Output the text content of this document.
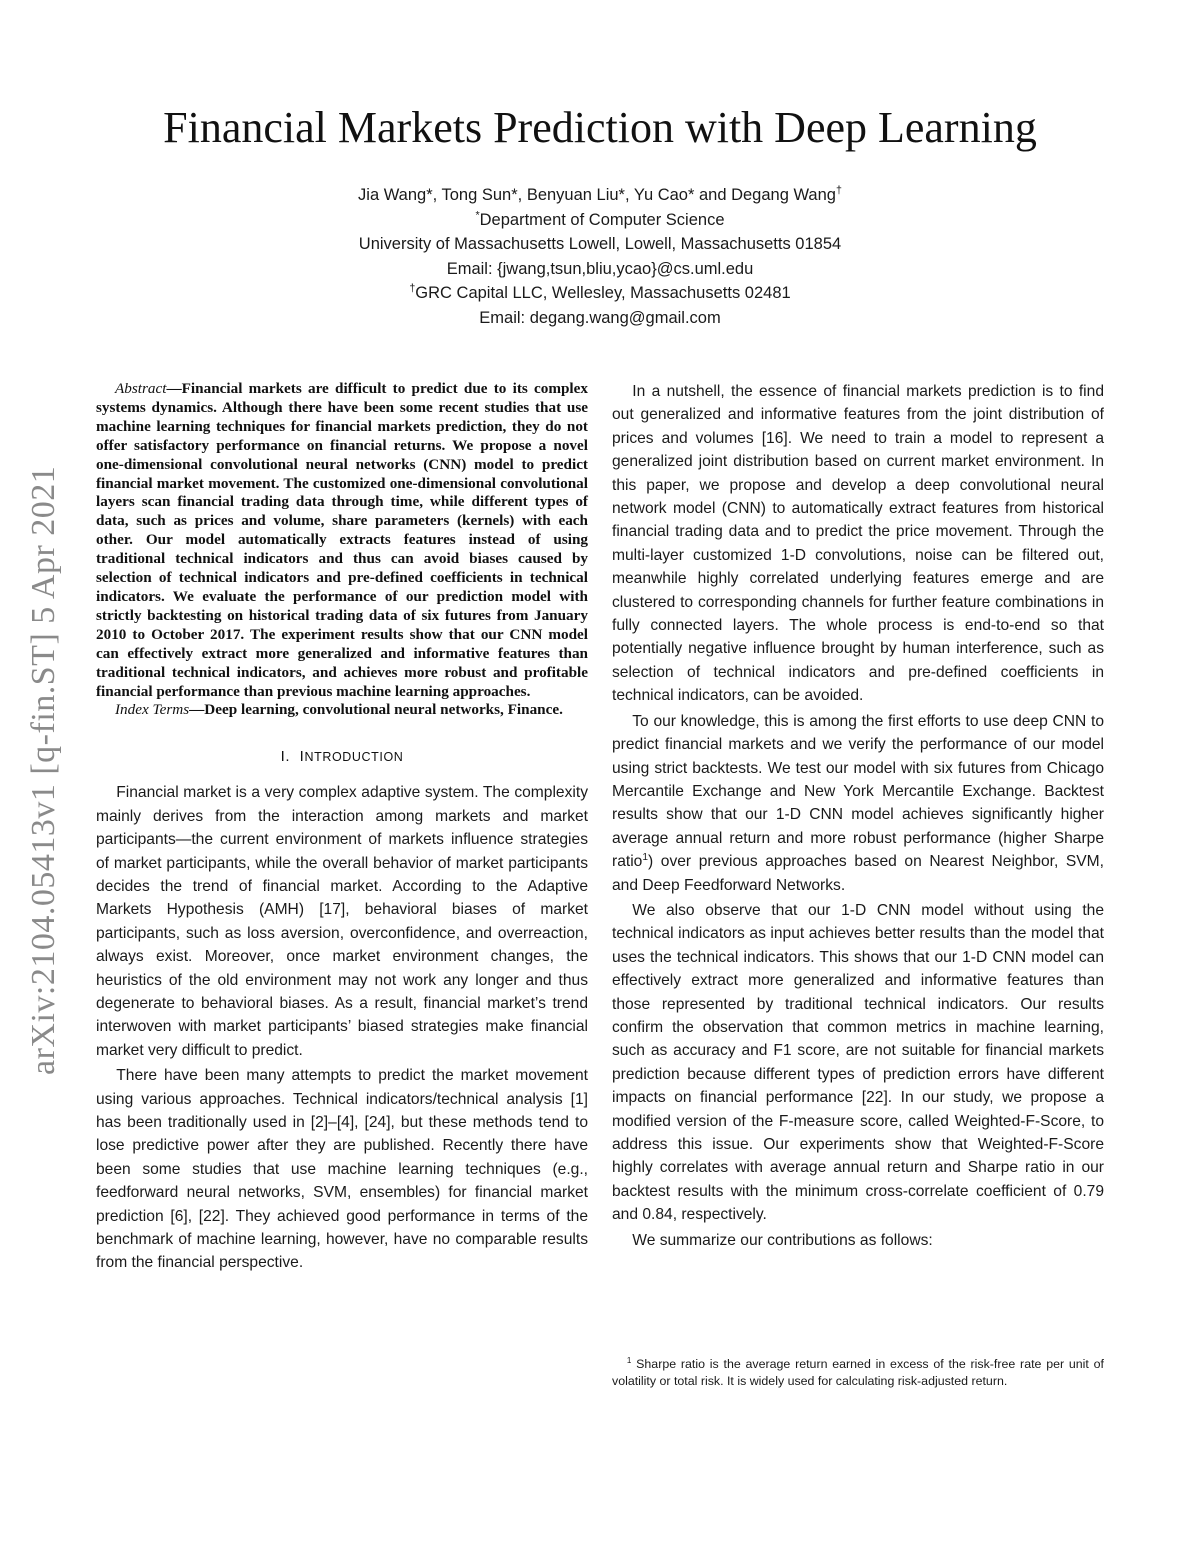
arXiv:2104.05413v1 [q-fin.ST] 5 Apr 2021
Financial Markets Prediction with Deep Learning
Jia Wang*, Tong Sun*, Benyuan Liu*, Yu Cao* and Degang Wang†
*Department of Computer Science
University of Massachusetts Lowell, Lowell, Massachusetts 01854
Email: {jwang,tsun,bliu,ycao}@cs.uml.edu
†GRC Capital LLC, Wellesley, Massachusetts 02481
Email: degang.wang@gmail.com

Abstract—Financial markets are difficult to predict due to its complex systems dynamics. Although there have been some recent studies that use machine learning techniques for financial markets prediction, they do not offer satisfactory performance on financial returns. We propose a novel one-dimensional convolutional neural networks (CNN) model to predict financial market movement. The customized one-dimensional convolutional layers scan financial trading data through time, while different types of data, such as prices and volume, share parameters (kernels) with each other. Our model automatically extracts features instead of using traditional technical indicators and thus can avoid biases caused by selection of technical indicators and pre-defined coefficients in technical indicators. We evaluate the performance of our prediction model with strictly backtesting on historical trading data of six futures from January 2010 to October 2017. The experiment results show that our CNN model can effectively extract more generalized and informative features than traditional technical indicators, and achieves more robust and profitable financial performance than previous machine learning approaches.

Index Terms—Deep learning, convolutional neural networks, Finance.

I. INTRODUCTION

Financial market is a very complex adaptive system. The complexity mainly derives from the interaction among markets and market participants—the current environment of markets influence strategies of market participants, while the overall behavior of market participants decides the trend of financial market. According to the Adaptive Markets Hypothesis (AMH) [17], behavioral biases of market participants, such as loss aversion, overconfidence, and overreaction, always exist. Moreover, once market environment changes, the heuristics of the old environment may not work any longer and thus degenerate to behavioral biases. As a result, financial market’s trend interwoven with market participants’ biased strategies make financial market very difficult to predict.

There have been many attempts to predict the market movement using various approaches. Technical indicators/technical analysis [1] has been traditionally used in [2]–[4], [24], but these methods tend to lose predictive power after they are published. Recently there have been some studies that use machine learning techniques (e.g., feedforward neural networks, SVM, ensembles) for financial market prediction [6], [22]. They achieved good performance in terms of the benchmark of machine learning, however, have no comparable results from the financial perspective.

In a nutshell, the essence of financial markets prediction is to find out generalized and informative features from the joint distribution of prices and volumes [16]. We need to train a model to represent a generalized joint distribution based on current market environment. In this paper, we propose and develop a deep convolutional neural network model (CNN) to automatically extract features from historical financial trading data and to predict the price movement. Through the multi-layer customized 1-D convolutions, noise can be filtered out, meanwhile highly correlated underlying features emerge and are clustered to corresponding channels for further feature combinations in fully connected layers. The whole process is end-to-end so that potentially negative influence brought by human interference, such as selection of technical indicators and pre-defined coefficients in technical indicators, can be avoided.

To our knowledge, this is among the first efforts to use deep CNN to predict financial markets and we verify the performance of our model using strict backtests. We test our model with six futures from Chicago Mercantile Exchange and New York Mercantile Exchange. Backtest results show that our 1-D CNN model achieves significantly higher average annual return and more robust performance (higher Sharpe ratio$^1$) over previous approaches based on Nearest Neighbor, SVM, and Deep Feedforward Networks.

We also observe that our 1-D CNN model without using the technical indicators as input achieves better results than the model that uses the technical indicators. This shows that our 1-D CNN model can effectively extract more generalized and informative features than those represented by traditional technical indicators. Our results confirm the observation that common metrics in machine learning, such as accuracy and F1 score, are not suitable for financial markets prediction because different types of prediction errors have different impacts on financial performance [22]. In our study, we propose a modified version of the F-measure score, called Weighted-F-Score, to address this issue. Our experiments show that Weighted-F-Score highly correlates with average annual return and Sharpe ratio in our backtest results with the minimum cross-correlate coefficient of 0.79 and 0.84, respectively.

We summarize our contributions as follows:

$^1$ Sharpe ratio is the average return earned in excess of the risk-free rate per unit of volatility or total risk. It is widely used for calculating risk-adjusted return.
